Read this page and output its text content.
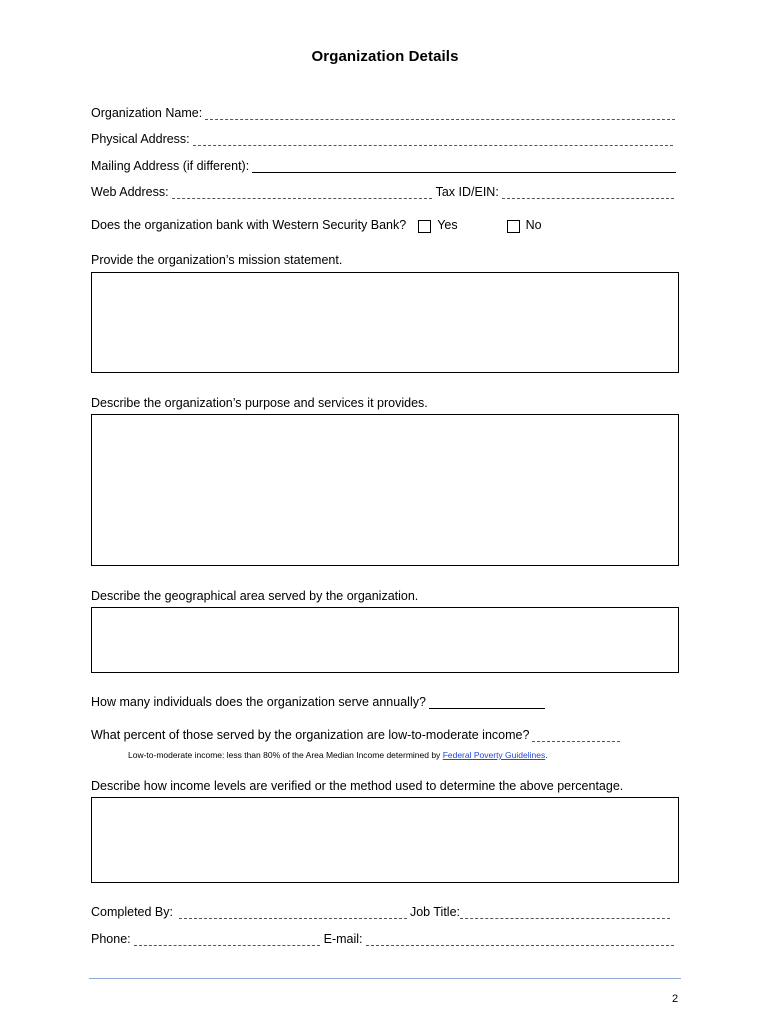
Organization Details
Organization Name:
Physical Address:
Mailing Address (if different):
Web Address:	Tax ID/EIN:
Does the organization bank with Western Security Bank? Yes	No
Provide the organization’s mission statement.
Describe the organization’s purpose and services it provides.
Describe the geographical area served by the organization.
How many individuals does the organization serve annually?
What percent of those served by the organization are low-to-moderate income?
Low-to-moderate income: less than 80% of the Area Median Income determined by Federal Poverty Guidelines.
Describe how income levels are verified or the method used to determine the above percentage.
Completed By:	Job Title:
Phone:	E-mail:
2
